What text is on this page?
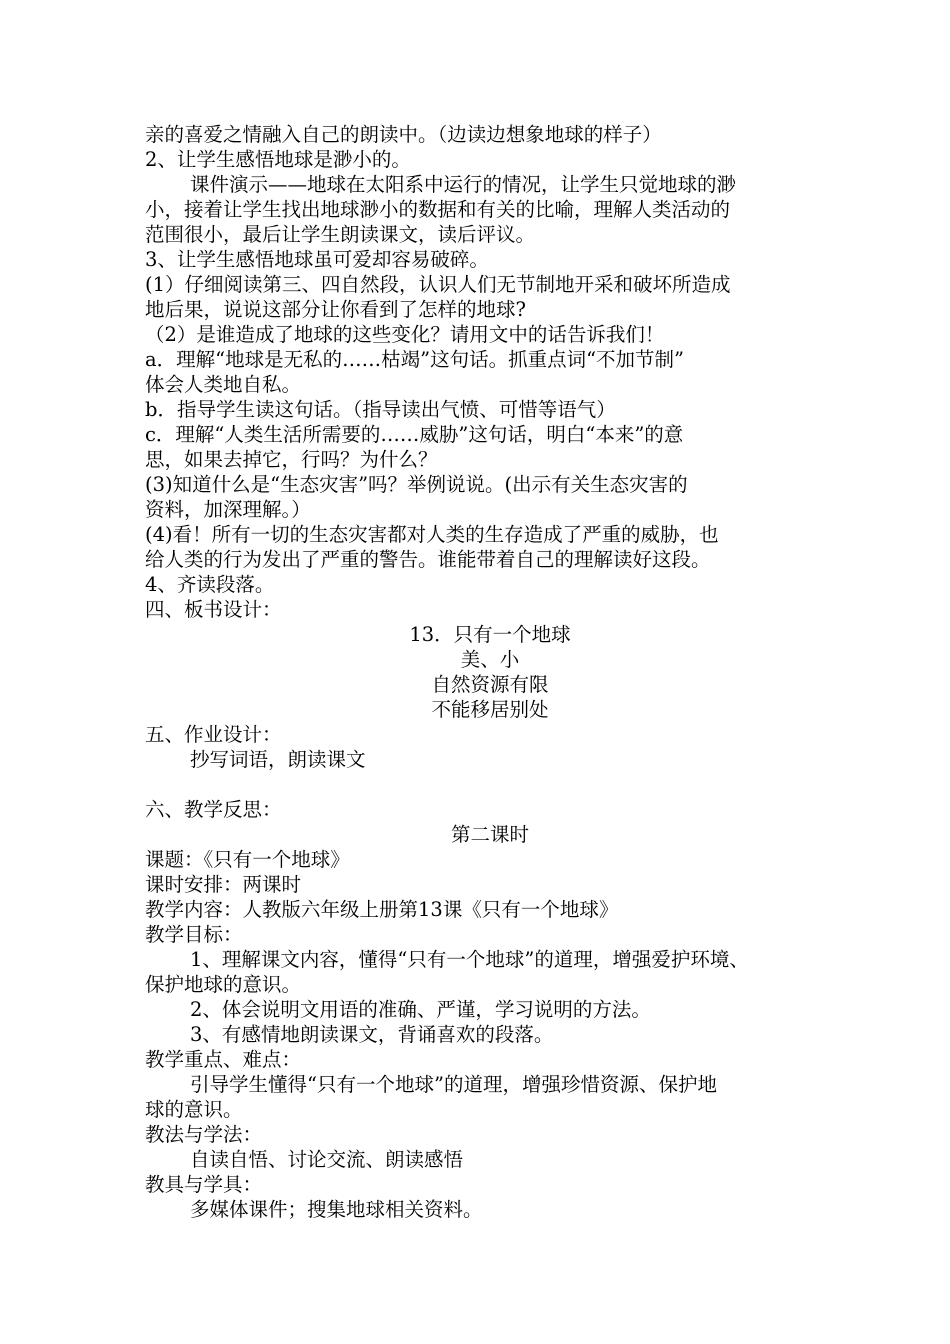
亲的喜爱之情融入自己的朗读中。（边读边想象地球的样子）
2、让学生感悟地球是渺小的。
课件演示——地球在太阳系中运行的情况，让学生只觉地球的渺
小，接着让学生找出地球渺小的数据和有关的比喻，理解人类活动的
范围很小，最后让学生朗读课文，读后评议。
3、让学生感悟地球虽可爱却容易破碎。
(1）仔细阅读第三、四自然段，认识人们无节制地开采和破坏所造成
地后果，说说这部分让你看到了怎样的地球?
（2）是谁造成了地球的这些变化？请用文中的话告诉我们！
a．理解“地球是无私的……枯竭”这句话。抓重点词“不加节制”
体会人类地自私。
b．指导学生读这句话。（指导读出气愤、可惜等语气）
c．理解“人类生活所需要的……威胁”这句话，明白“本来”的意
思，如果去掉它，行吗？为什么？
(3)知道什么是“生态灾害”吗？举例说说。(出示有关生态灾害的
资料，加深理解。）
(4)看！所有一切的生态灾害都对人类的生存造成了严重的威胁，也
给人类的行为发出了严重的警告。谁能带着自己的理解读好这段。
4、齐读段落。
四、板书设计：
13．只有一个地球
美、小
自然资源有限
不能移居别处
五、作业设计：
抄写词语，朗读课文
六、教学反思：
第二课时
课题：《只有一个地球》
课时安排：两课时
教学内容：人教版六年级上册第13课《只有一个地球》
教学目标：
1、理解课文内容，懂得“只有一个地球”的道理，增强爱护环境、
保护地球的意识。
2、体会说明文用语的准确、严谨，学习说明的方法。
3、有感情地朗读课文，背诵喜欢的段落。
教学重点、难点：
引导学生懂得“只有一个地球”的道理，增强珍惜资源、保护地
球的意识。
教法与学法：
自读自悟、讨论交流、朗读感悟
教具与学具：
多媒体课件；搜集地球相关资料。
